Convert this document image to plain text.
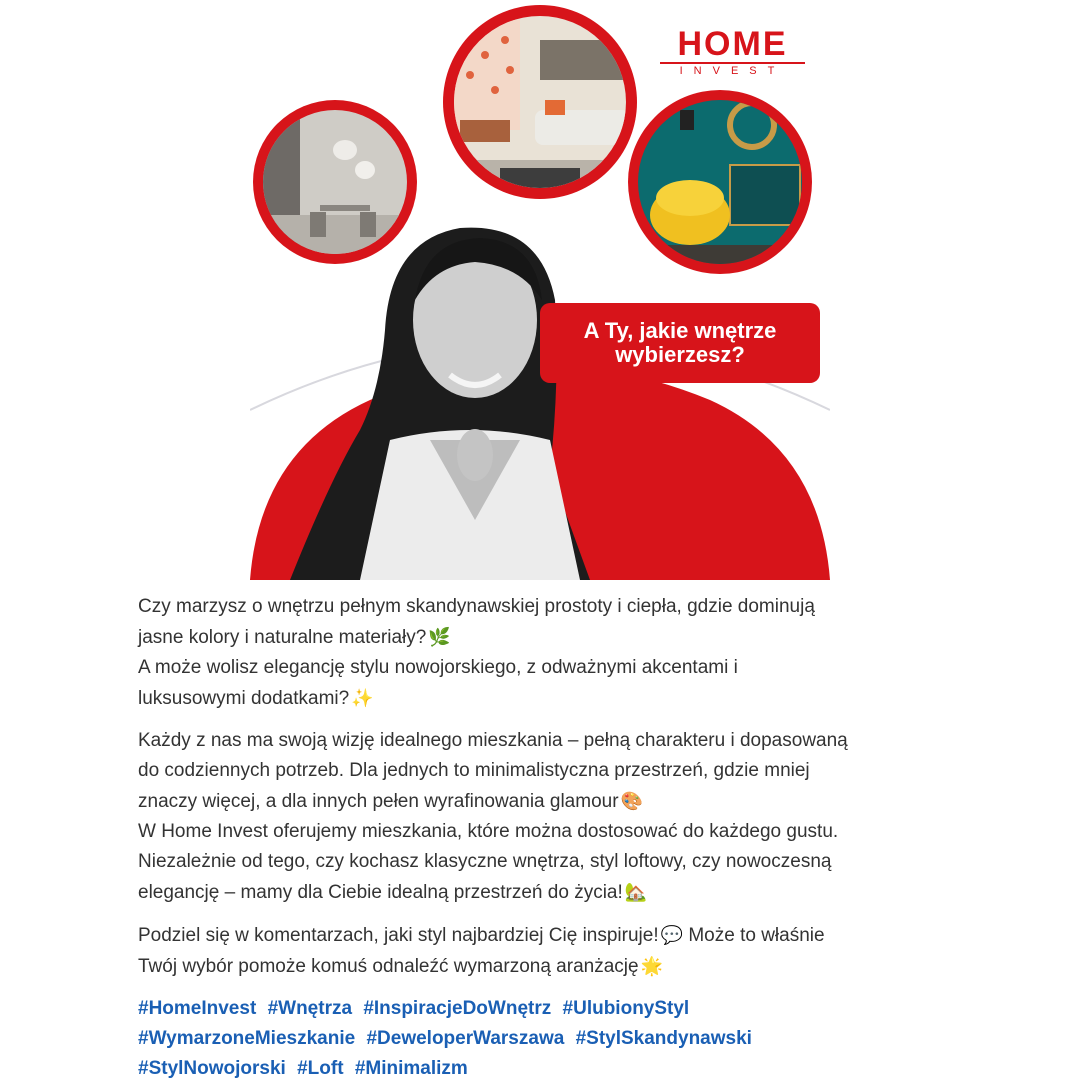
HOME
INVEST
A Ty, jakie wnętrze
wybierzesz?

Czy marzysz o wnętrzu pełnym skandynawskiej prostoty i ciepła, gdzie dominują
jasne kolory i naturalne materiały? 🌿
A może wolisz elegancję stylu nowojorskiego, z odważnymi akcentami i
luksusowymi dodatkami? ✨

Każdy z nas ma swoją wizję idealnego mieszkania – pełną charakteru i dopasowaną
do codziennych potrzeb. Dla jednych to minimalistyczna przestrzeń, gdzie mniej
znaczy więcej, a dla innych pełen wyrafinowania glamour 🎨
W Home Invest oferujemy mieszkania, które można dostosować do każdego gustu.
Niezależnie od tego, czy kochasz klasyczne wnętrza, styl loftowy, czy nowoczesną
elegancję – mamy dla Ciebie idealną przestrzeń do życia! 🏡

Podziel się w komentarzach, jaki styl najbardziej Cię inspiruje! 💬 Może to właśnie
Twój wybór pomoże komuś odnaleźć wymarzoną aranżację 🌟

#HomeInvest #Wnętrza #InspiracjeDoWnętrz #UlubionyStyl
#WymarzoneMieszkanie #DeweloperWarszawa #StylSkandynawski
#StylNowojorski #Loft #Minimalizm
